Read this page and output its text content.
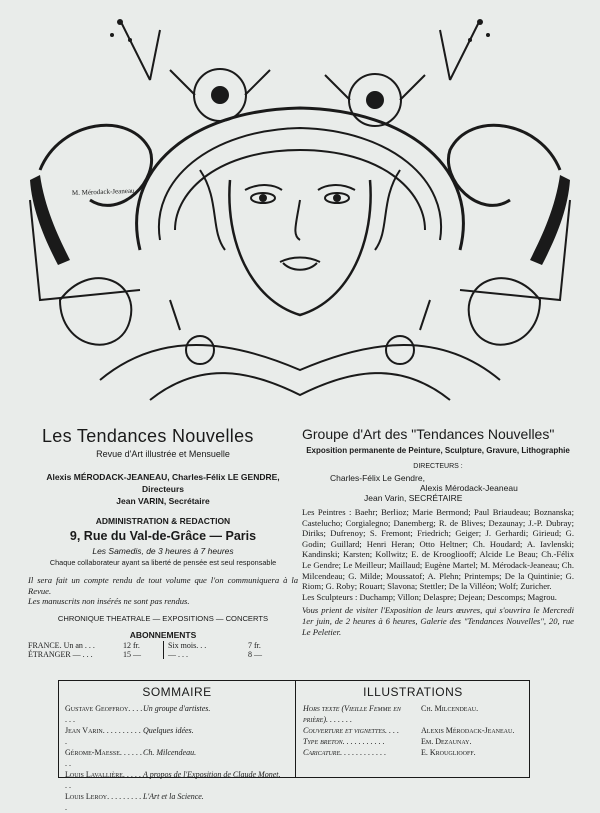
M. Mérodack-Jeaneau
Les Tendances Nouvelles
Revue d'Art illustrée et Mensuelle
Alexis MÉRODACK-JEANEAU, Charles-Félix LE GENDRE, Directeurs
Jean VARIN, Secrétaire
ADMINISTRATION & REDACTION
9, Rue du Val-de-Grâce — Paris
Les Samedis, de 3 heures à 7 heures
Chaque collaborateur ayant sa liberté de pensée est seul responsable
Il sera fait un compte rendu de tout volume que l'on communiquera à la Revue.
Les manuscrits non insérés ne sont pas rendus.
CHRONIQUE THEATRALE — EXPOSITIONS — CONCERTS
ABONNEMENTS
FRANCE. Un an . . .	12 fr.	Six mois. . .	7 fr.
ÉTRANGER — . . .	15 —	— . . .	8 —
Groupe d'Art des "Tendances Nouvelles"
Exposition permanente de Peinture, Sculpture, Gravure, Lithographie
DIRECTEURS :
Charles-Félix Le Gendre,
Alexis Mérodack-Jeaneau
Jean Varin, SECRÉTAIRE
Les Peintres : Baehr; Berlioz; Marie Bermond; Paul Briaudeau; Boznanska; Castelucho; Corgialegno; Danemberg; R. de Blives; Dezaunay; J.-P. Dubray; Diriks; Dufrenoy; S. Fremont; Friedrich; Geiger; J. Gerhardi; Girieud; G. Godin; Guillard; Henri Heran; Otto Heltner; Ch. Houdard; A. Iavlenski; Kandinski; Karsten; Kollwitz; E. de Kroogliooff; Alcide Le Beau; Ch.-Félix Le Gendre; Le Meilleur; Maillaud; Eugène Martel; M. Mérodack-Jeaneau; Ch. Milcendeau; G. Milde; Moussatof; A. Plehn; Printemps; De la Quintinie; G. Riom; G. Roby; Rouart; Slavona; Stettler; De la Villéon; Wolf; Zuricher.
Les Sculpteurs : Duchamp; Villon; Delaspre; Dejean; Descomps; Magrou.
Vous prient de visiter l'Exposition de leurs œuvres, qui s'ouvrira le Mercredi 1er juin, de 2 heures à 6 heures, Galerie des "Tendances Nouvelles", 20, rue Le Peletier.
SOMMAIRE
Gustave Geoffroy. . . . . . .
Un groupe d'artistes.
Jean Varin. . . . . . . . . . .
Quelques idées.
Gérome-Maesse. . . . . . . .
Ch. Milcendeau.
Louis Lavallière. . . . . . .
A propos de l'Exposition de Claude Monet.
Louis Leroy. . . . . . . . . .
L'Art et la Science.
ILLUSTRATIONS
Hors texte (Vieille Femme en prière). . . . . . .
Ch. Milcendeau.
Couverture et vignettes. . . .	Alexis Mérodack-Jeaneau.
Type breton. . . . . . . . . . .	Em. Dezaunay.
Caricature. . . . . . . . . . . .	E. Krougliooff.
